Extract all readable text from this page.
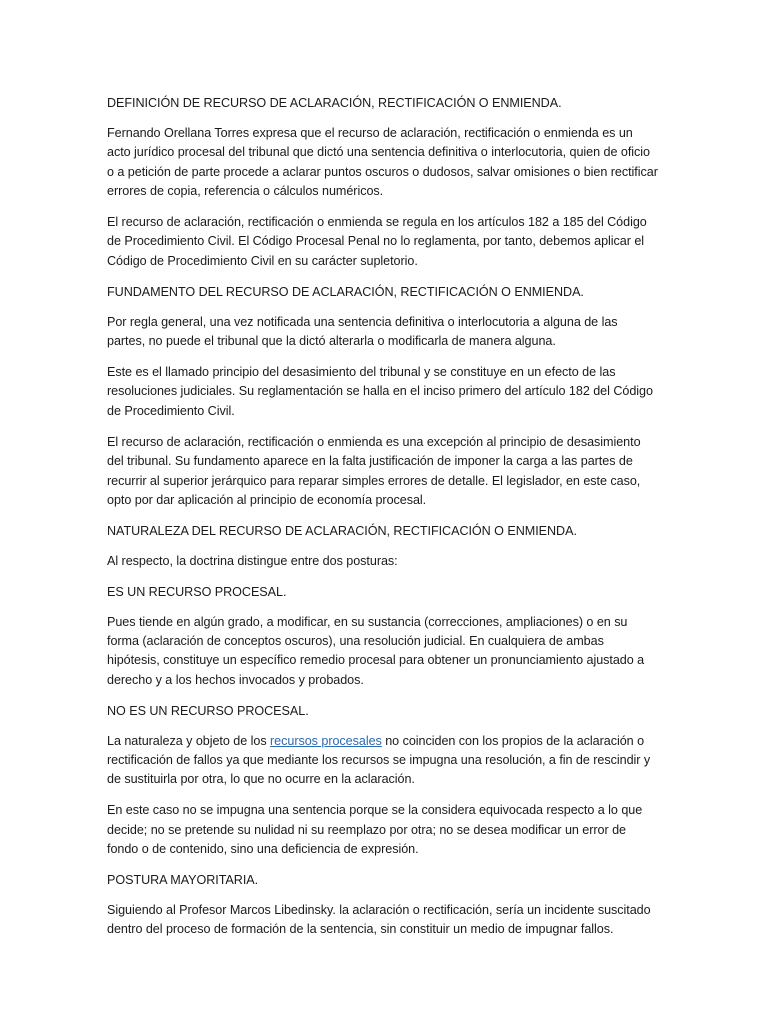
DEFINICIÓN DE RECURSO DE ACLARACIÓN, RECTIFICACIÓN O ENMIENDA.

Fernando Orellana Torres expresa que el recurso de aclaración, rectificación o enmienda es un acto jurídico procesal del tribunal que dictó una sentencia definitiva o interlocutoria, quien de oficio o a petición de parte procede a aclarar puntos oscuros o dudosos, salvar omisiones o bien rectificar errores de copia, referencia o cálculos numéricos.

El recurso de aclaración, rectificación o enmienda se regula en los artículos 182 a 185 del Código de Procedimiento Civil. El Código Procesal Penal no lo reglamenta, por tanto, debemos aplicar el Código de Procedimiento Civil en su carácter supletorio.

FUNDAMENTO DEL RECURSO DE ACLARACIÓN, RECTIFICACIÓN O ENMIENDA.

Por regla general, una vez notificada una sentencia definitiva o interlocutoria a alguna de las partes, no puede el tribunal que la dictó alterarla o modificarla de manera alguna.

Este es el llamado principio del desasimiento del tribunal y se constituye en un efecto de las resoluciones judiciales. Su reglamentación se halla en el inciso primero del artículo 182 del Código de Procedimiento Civil.

El recurso de aclaración, rectificación o enmienda es una excepción al principio de desasimiento del tribunal. Su fundamento aparece en la falta justificación de imponer la carga a las partes de recurrir al superior jerárquico para reparar simples errores de detalle. El legislador, en este caso, opto por dar aplicación al principio de economía procesal.

NATURALEZA DEL RECURSO DE ACLARACIÓN, RECTIFICACIÓN O ENMIENDA.

Al respecto, la doctrina distingue entre dos posturas:

ES UN RECURSO PROCESAL.

Pues tiende en algún grado, a modificar, en su sustancia (correcciones, ampliaciones) o en su forma (aclaración de conceptos oscuros), una resolución judicial. En cualquiera de ambas hipótesis, constituye un específico remedio procesal para obtener un pronunciamiento ajustado a derecho y a los hechos invocados y probados.

NO ES UN RECURSO PROCESAL.

La naturaleza y objeto de los recursos procesales no coinciden con los propios de la aclaración o rectificación de fallos ya que mediante los recursos se impugna una resolución, a fin de rescindir y de sustituirla por otra, lo que no ocurre en la aclaración.

En este caso no se impugna una sentencia porque se la considera equivocada respecto a lo que decide; no se pretende su nulidad ni su reemplazo por otra; no se desea modificar un error de fondo o de contenido, sino una deficiencia de expresión.

POSTURA MAYORITARIA.

Siguiendo al Profesor Marcos Libedinsky. la aclaración o rectificación, sería un incidente suscitado dentro del proceso de formación de la sentencia, sin constituir un medio de impugnar fallos.
